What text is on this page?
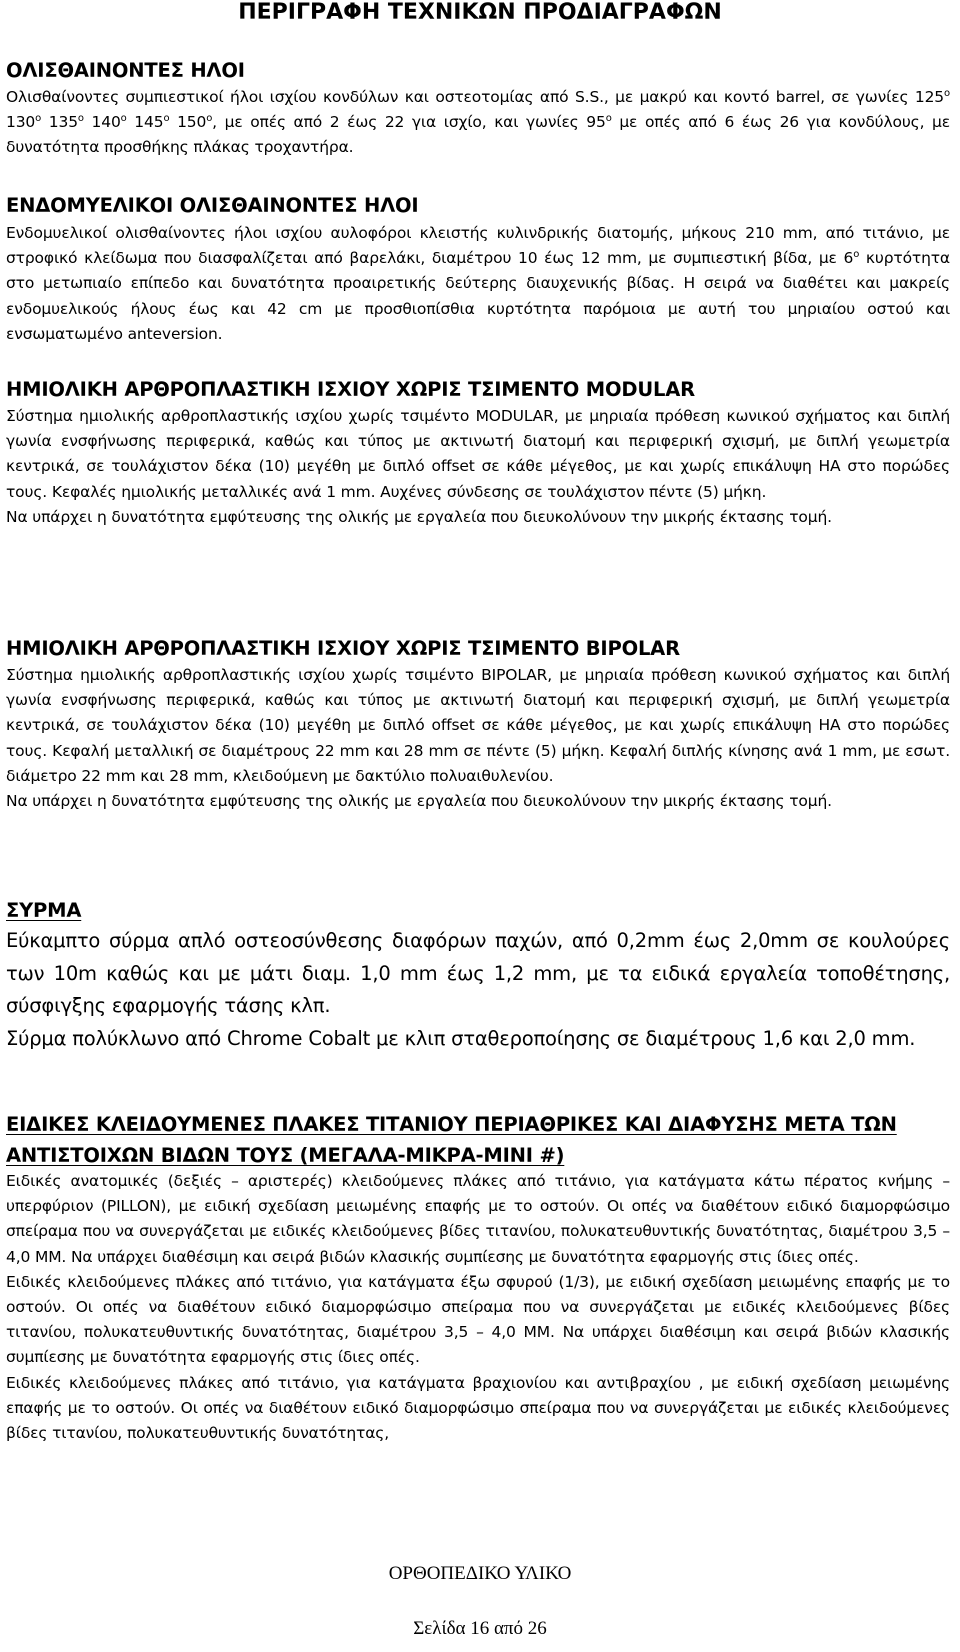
ΠΕΡΙΓΡΑΦΗ ΤΕΧΝΙΚΩΝ ΠΡΟΔΙΑΓΡΑΦΩΝ
ΟΛΙΣΘΑΙΝΟΝΤΕΣ ΗΛΟΙ

Ολισθαίνοντες συμπιεστικοί ήλοι ισχίου κονδύλων και οστεοτομίας από S.S., με μακρύ και κοντό barrel, σε γωνίες $125^o$ $130^o$ $135^o$ $140^o$ $145^o$ $150^o$, με οπές από 2 έως 22 για ισχίο, και γωνίες $95^o$ με οπές από 6 έως 26 για κονδύλους, με δυνατότητα προσθήκης πλάκας τροχαντήρα.

ΕΝΔΟΜΥΕΛΙΚΟΙ ΟΛΙΣΘΑΙΝΟΝΤΕΣ ΗΛΟΙ

Ενδομυελικοί ολισθαίνοντες ήλοι ισχίου αυλοφόροι κλειστής κυλινδρικής διατομής, μήκους 210 mm, από τιτάνιο, με στροφικό κλείδωμα που διασφαλίζεται από βαρελάκι, διαμέτρου 10 έως 12 mm, με συμπιεστική βίδα, με $6^o$ κυρτότητα στο μετωπιαίο επίπεδο και δυνατότητα προαιρετικής δεύτερης διαυχενικής βίδας. Η σειρά να διαθέτει και μακρείς ενδομυελικούς ήλους έως και 42 cm με προσθιοπίσθια κυρτότητα παρόμοια με αυτή του μηριαίου οστού και ενσωματωμένο anteversion.

ΗΜΙΟΛΙΚΗ ΑΡΘΡΟΠΛΑΣΤΙΚΗ ΙΣΧΙΟΥ ΧΩΡΙΣ ΤΣΙΜΕΝΤΟ MODULAR

Σύστημα ημιολικής αρθροπλαστικής ισχίου χωρίς τσιμέντο MODULAR, με μηριαία πρόθεση κωνικού σχήματος και διπλή γωνία ενσφήνωσης περιφερικά, καθώς και τύπος με ακτινωτή διατομή και περιφερική σχισμή, με διπλή γεωμετρία κεντρικά, σε τουλάχιστον δέκα (10) μεγέθη με διπλό offset σε κάθε μέγεθος, με και χωρίς επικάλυψη HA στο πορώδες τους. Κεφαλές ημιολικής μεταλλικές ανά 1 mm. Αυχένες σύνδεσης σε τουλάχιστον πέντε (5) μήκη.

Να υπάρχει η δυνατότητα εμφύτευσης της ολικής με εργαλεία που διευκολύνουν την μικρής έκτασης τομή.

ΗΜΙΟΛΙΚΗ ΑΡΘΡΟΠΛΑΣΤΙΚΗ ΙΣΧΙΟΥ ΧΩΡΙΣ ΤΣΙΜΕΝΤΟ BIPOLAR

Σύστημα ημιολικής αρθροπλαστικής ισχίου χωρίς τσιμέντο BIPOLAR, με μηριαία πρόθεση κωνικού σχήματος και διπλή γωνία ενσφήνωσης περιφερικά, καθώς και τύπος με ακτινωτή διατομή και περιφερική σχισμή, με διπλή γεωμετρία κεντρικά, σε τουλάχιστον δέκα (10) μεγέθη με διπλό offset σε κάθε μέγεθος, με και χωρίς επικάλυψη HA στο πορώδες τους. Κεφαλή μεταλλική σε διαμέτρους 22 mm και 28 mm σε πέντε (5) μήκη. Κεφαλή διπλής κίνησης ανά 1 mm, με εσωτ. διάμετρο 22 mm και 28 mm, κλειδούμενη με δακτύλιο πολυαιθυλενίου.

Να υπάρχει η δυνατότητα εμφύτευσης της ολικής με εργαλεία που διευκολύνουν την μικρής έκτασης τομή.

ΣΥΡΜΑ

Εύκαμπτο σύρμα απλό οστεοσύνθεσης διαφόρων παχών, από 0,2mm έως 2,0mm σε κουλούρες των 10m καθώς και με μάτι διαμ. 1,0 mm έως 1,2 mm, με τα ειδικά εργαλεία τοποθέτησης, σύσφιγξης εφαρμογής τάσης κλπ.

Σύρμα πολύκλωνο από Chrome Cobalt με κλιπ σταθεροποίησης σε διαμέτρους 1,6 και 2,0 mm.

ΕΙΔΙΚΕΣ ΚΛΕΙΔΟΥΜΕΝΕΣ ΠΛΑΚΕΣ ΤΙΤΑΝΙΟΥ ΠΕΡΙΑΘΡΙΚΕΣ ΚΑΙ ΔΙΑΦΥΣΗΣ ΜΕΤΑ ΤΩΝ ΑΝΤΙΣΤΟΙΧΩΝ ΒΙΔΩΝ ΤΟΥΣ (ΜΕΓΑΛΑ-ΜΙΚΡΑ-ΜΙΝΙ #)

Ειδικές ανατομικές (δεξιές – αριστερές) κλειδούμενες πλάκες από τιτάνιο, για κατάγματα κάτω πέρατος κνήμης – υπερφύριον (PILLON), με ειδική σχεδίαση μειωμένης επαφής με το οστούν. Οι οπές να διαθέτουν ειδικό διαμορφώσιμο σπείραμα που να συνεργάζεται με ειδικές κλειδούμενες βίδες τιτανίου, πολυκατευθυντικής δυνατότητας, διαμέτρου 3,5 – 4,0 ΜΜ. Να υπάρχει διαθέσιμη και σειρά βιδών κλασικής συμπίεσης με δυνατότητα εφαρμογής στις ίδιες οπές.

Ειδικές κλειδούμενες πλάκες από τιτάνιο, για κατάγματα έξω σφυρού (1/3), με ειδική σχεδίαση μειωμένης επαφής με το οστούν. Οι οπές να διαθέτουν ειδικό διαμορφώσιμο σπείραμα που να συνεργάζεται με ειδικές κλειδούμενες βίδες τιτανίου, πολυκατευθυντικής δυνατότητας, διαμέτρου 3,5 – 4,0 ΜΜ. Να υπάρχει διαθέσιμη και σειρά βιδών κλασικής συμπίεσης με δυνατότητα εφαρμογής στις ίδιες οπές.

Ειδικές κλειδούμενες πλάκες από τιτάνιο, για κατάγματα βραχιονίου και αντιβραχίου , με ειδική σχεδίαση μειωμένης επαφής με το οστούν. Οι οπές να διαθέτουν ειδικό διαμορφώσιμο σπείραμα που να συνεργάζεται με ειδικές κλειδούμενες βίδες τιτανίου, πολυκατευθυντικής δυνατότητας,

ΟΡΘΟΠΕΔΙΚΟ ΥΛΙΚΟ
Σελίδα 16 από 26
